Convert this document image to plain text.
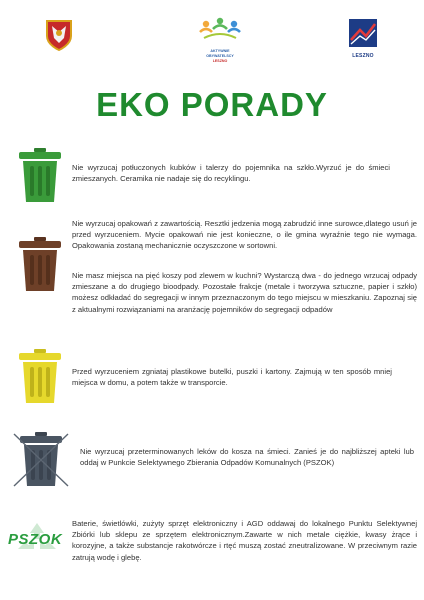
AKTYWNIE
OBYWATELSCY
LESZNO
LESZNO
EKO PORADY
Nie wyrzucaj potłuczonych kubków i talerzy do pojemnika na szkło.Wyrzuć je do śmieci zmieszanych. Ceramika nie nadaje się do recyklingu.
Nie wyrzucaj opakowań z zawartością. Resztki jedzenia mogą zabrudzić inne surowce,dlatego usuń je przed wyrzuceniem. Mycie opakowań nie jest konieczne, o ile gmina wyraźnie tego nie wymaga. Opakowania zostaną mechanicznie oczyszczone w sortowni.
Nie masz miejsca na pięć koszy pod zlewem w kuchni? Wystarczą dwa - do jednego wrzucaj odpady zmieszane a do drugiego bioodpady. Pozostałe frakcje (metale i tworzywa sztuczne, papier i szkło) możesz odkładać do segregacji w innym przeznaczonym do tego miejscu w mieszkaniu. Zapoznaj się z aktualnymi rozwiązaniami na aranżację pojemników do segregacji odpadów
Przed wyrzuceniem zgniataj plastikowe butelki, puszki i kartony. Zajmują w ten sposób mniej miejsca w domu, a potem także w transporcie.
Nie wyrzucaj przeterminowanych leków do kosza na śmieci. Zanieś je do najbliższej apteki lub oddaj w Punkcie Selektywnego Zbierania Odpadów Komunalnych (PSZOK)
PSZOK
Baterie, świetlówki, zużyty sprzęt elektroniczny i AGD oddawaj do lokalnego Punktu Selektywnej Zbiórki lub sklepu ze sprzętem elektronicznym.Zawarte w nich metale ciężkie, kwasy żrące i korozyjne, a także substancje rakotwórcze i rtęć muszą zostać zneutralizowane. W przeciwnym razie zatrują wodę i glebę.
